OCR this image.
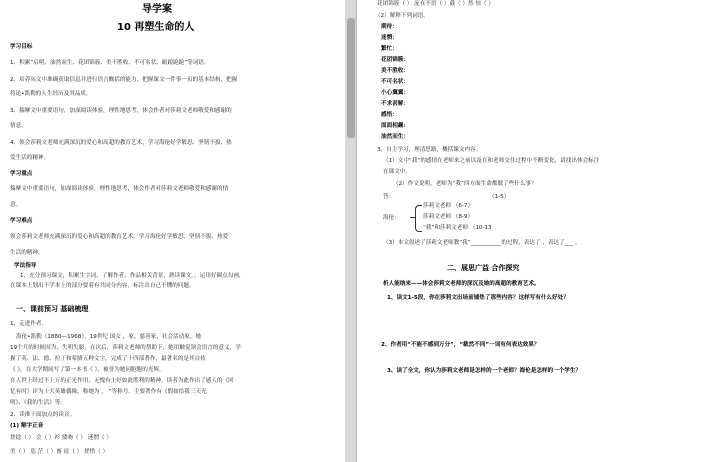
导学案
10 再塑生命的人
学习目标
1、积累“启明、油然而生、花团锦簇、美不胜收、不可名状、踉踉跄跄”等词语。
2、培养从文中准确获取信息并进行语言概括的能力，把握课文一件事一页的基本结构，把握
将论•凯勒的人生经历及其品质。
3、揣摩文中重要语句，加深阅读体验，理性地思考，体会作者对莎莉文老师敬爱和感谢的
情意。
4、领会莎莉文老师充满深沉的爱心和高超的教育艺术，学习海伦好学敏思、坚韧不拔、热
爱生活的精神。
学习重点
揣摩文中重要语句，加深阅读体验，理性地思考，体会作者对莎莉文老师敬爱和感谢的情
意。
学习难点
领会莎莉文老师充满深沉的爱心和高超的教育艺术，学习海伦好学敏思、坚韧不拔、热爱
生活的精神。
学法指导
1、充分预习课文，积累生字词，了解作者、作品相关背景，熟读课文。，运用好圈点勾画，
在课本上划出不学本上的部分要着有共同分内容，标注出自己不懂的问题。
一、课前预习 基础梳理
1、走进作者。
海伦•凯勒（1880—1968），19世纪 国女 ，家，慈善家，社会活动家。她
19个月的时候因为，失明失聪，在次后，莎莉文老师的帮助下，她用触觉领会语言的意义，学
握了英、法、德、拉丁和希腊五种文字，完成了十四部著作，最著名的是其自传
《 》。在大学期间写了第一本书《 》，被誉为她同胞胞的光辉，
在人世上经过不上万的正光作用，无愧有上好如此胜利的精神，读者为此作出了感人的《回
忆有时》评为十大英雄偶像，称她为 ， ”等称号。主要著作有《假如给我三天光
明》、《我的生活》等。
2、读准下面加点的读音。
(1) 解字正音
搓捻（ ） 会（ ）衫 搂吻（ ） 迷惘（ ）
美（ ） 恣 茫（ ）畜 徒（ ） 搓惜（ ）
花团锦簇（ ） 庞在不语（ ）截（ ）然 惊（ ）
（2）解释下列词语。
期待：
迷惘：
繁忙：
花团锦簇：
美不胜收：
不可名状：
小心翼翼：
不求甚解：
感悟：
面面相觑：
油然而生：
3、自主学习，理清思路，概括课文内容。
（1）文中“我”的感情在老师来之前以及在和老师交往过程中不断变化，请找出体会标注
在课文中。
（2）作文说明，老师为“我”四方面生命都做了些什么事？
答：	（1-5）
海伦：
莎莉文老师 （6-7）
莎莉文老师 （8-9）
“我”和莎莉文老师 （10-13
（3）本文叙述了莎莉文老师教“我”___________的过程，表达了 ，表达了___ 。
二、展思广益 合作探究
析人能纳来——体会莎莉文老师的深沉及她的高超的教育艺术。
1、读文1-5段，你在莎莉文出场前铺垫了那些内容？这样写有什么好处？
2、作者用“不能不感到万分”，“截然不同”一词有何表达效果？
3、读了全文，你认为莎莉文老师是怎样的一个老师？海伦是怎样的一个学生？
